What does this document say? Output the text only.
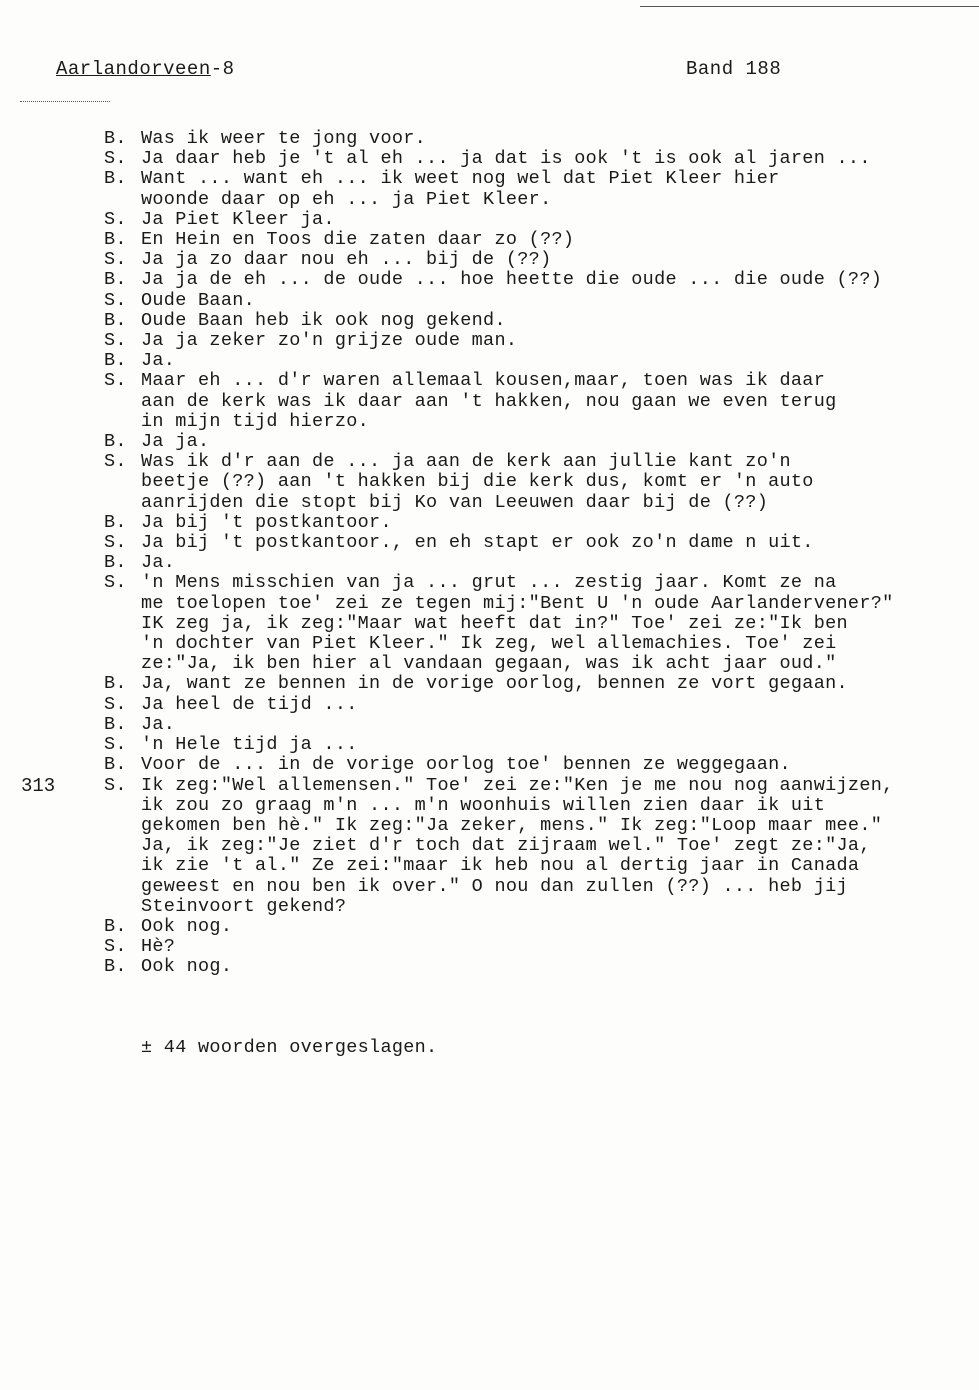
Aarlandorveen-8	Band 188
313
B. Was ik weer te jong voor.
S. Ja daar heb je 't al eh ... ja dat is ook 't is ook al jaren ...
B. Want ... want eh ... ik weet nog wel dat Piet Kleer hier
woonde daar op eh ... ja Piet Kleer.
S. Ja Piet Kleer ja.
B. En Hein en Toos die zaten daar zo (??)
S. Ja ja zo daar nou eh ... bij de (??)
B. Ja ja de eh ... de oude ... hoe heette die oude ... die oude (??)
S. Oude Baan.
B. Oude Baan heb ik ook nog gekend.
S. Ja ja zeker zo'n grijze oude man.
B. Ja.
S. Maar eh ... d'r waren allemaal kousen,maar, toen was ik daar
aan de kerk was ik daar aan 't hakken, nou gaan we even terug
in mijn tijd hierzo.
B. Ja ja.
S. Was ik d'r aan de ... ja aan de kerk aan jullie kant zo'n
beetje (??) aan 't hakken bij die kerk dus, komt er 'n auto
aanrijden die stopt bij Ko van Leeuwen daar bij de (??)
B. Ja bij 't postkantoor.
S. Ja bij 't postkantoor., en eh stapt er ook zo'n dame n uit.
B. Ja.
S. 'n Mens misschien van ja ... grut ... zestig jaar. Komt ze na
me toelopen toe' zei ze tegen mij:"Bent U 'n oude Aarlandervener?"
IK zeg ja, ik zeg:"Maar wat heeft dat in?" Toe' zei ze:"Ik ben
'n dochter van Piet Kleer." Ik zeg, wel allemachies. Toe' zei
ze:"Ja, ik ben hier al vandaan gegaan, was ik acht jaar oud."
B. Ja, want ze bennen in de vorige oorlog, bennen ze vort gegaan.
S. Ja heel de tijd ...
B. Ja.
S. 'n Hele tijd ja ...
B. Voor de ... in de vorige oorlog toe' bennen ze weggegaan.
S. Ik zeg:"Wel allemensen." Toe' zei ze:"Ken je me nou nog aanwijzen,
ik zou zo graag m'n ... m'n woonhuis willen zien daar ik uit
gekomen ben hè." Ik zeg:"Ja zeker, mens." Ik zeg:"Loop maar mee."
Ja, ik zeg:"Je ziet d'r toch dat zijraam wel." Toe' zegt ze:"Ja,
ik zie 't al." Ze zei:"maar ik heb nou al dertig jaar in Canada
geweest en nou ben ik over." O nou dan zullen (??) ... heb jij
Steinvoort gekend?
B. Ook nog.
S. Hè?
B. Ook nog.
± 44 woorden overgeslagen.
